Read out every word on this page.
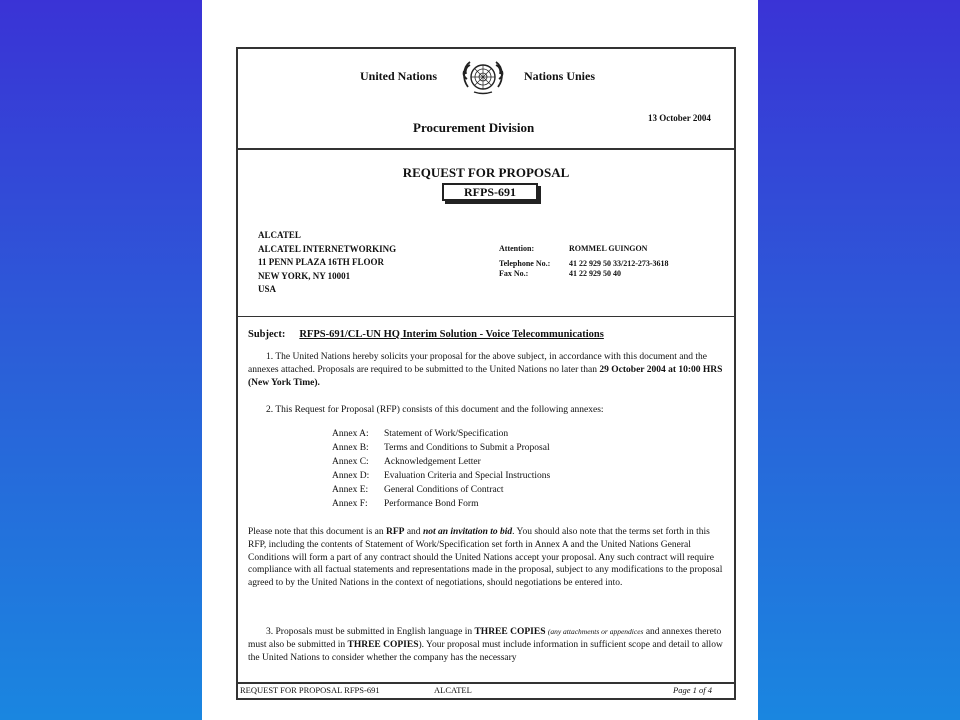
United Nations	Nations Unies
Procurement Division
13 October 2004
REQUEST FOR PROPOSAL
RFPS-691
ALCATEL
ALCATEL INTERNETWORKING
11 PENN PLAZA 16TH FLOOR
NEW YORK, NY 10001
USA
Attention:	ROMMEL GUINGON
Telephone No.:	41 22 929 50 33/212-273-3618
Fax No.:	41 22 929 50 40
Subject: RFPS-691/CL-UN HQ Interim Solution - Voice Telecommunications
1. The United Nations hereby solicits your proposal for the above subject, in accordance with this document and the annexes attached. Proposals are required to be submitted to the United Nations no later than 29 October 2004 at 10:00 HRS (New York Time).
2. This Request for Proposal (RFP) consists of this document and the following annexes:
Annex A:	Statement of Work/Specification
Annex B:	Terms and Conditions to Submit a Proposal
Annex C:	Acknowledgement Letter
Annex D:	Evaluation Criteria and Special Instructions
Annex E:	General Conditions of Contract
Annex F:	Performance Bond Form
Please note that this document is an RFP and not an invitation to bid. You should also note that the terms set forth in this RFP, including the contents of Statement of Work/Specification set forth in Annex A and the United Nations General Conditions will form a part of any contract should the United Nations accept your proposal. Any such contract will require compliance with all factual statements and representations made in the proposal, subject to any modifications to the proposal agreed to by the United Nations in the context of negotiations, should negotiations be entered into.
3. Proposals must be submitted in English language in THREE COPIES (any attachments or appendices and annexes thereto must also be submitted in THREE COPIES). Your proposal must include information in sufficient scope and detail to allow the United Nations to consider whether the company has the necessary
REQUEST FOR PROPOSAL RFPS-691	ALCATEL	Page 1 of 4
